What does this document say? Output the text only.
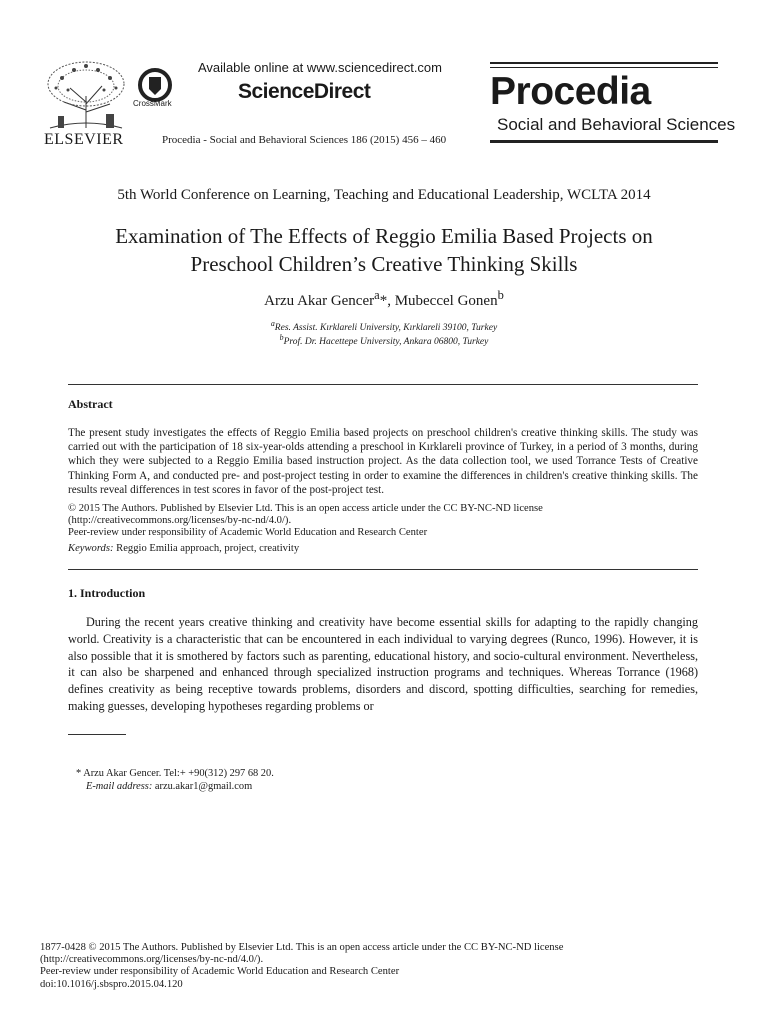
ELSEVIER
CrossMark
Available online at www.sciencedirect.com
ScienceDirect
Procedia - Social and Behavioral Sciences 186 (2015) 456 – 460
Procedia
Social and Behavioral Sciences
5th World Conference on Learning, Teaching and Educational Leadership, WCLTA 2014
Examination of The Effects of Reggio Emilia Based Projects on
Preschool Children’s Creative Thinking Skills
Arzu Akar Gencer$^a$*, Mubeccel Gonen$^b$
$^a$Res. Assist. Kırklareli University, Kırklareli 39100, Turkey
$^b$Prof. Dr. Hacettepe University, Ankara 06800, Turkey
Abstract
The present study investigates the effects of Reggio Emilia based projects on preschool children's creative thinking skills. The study was carried out with the participation of 18 six-year-olds attending a preschool in Kırklareli province of Turkey, in a period of 3 months, during which they were subjected to a Reggio Emilia based instruction project. As the data collection tool, we used Torrance Tests of Creative Thinking Form A, and conducted pre- and post-project testing in order to examine the differences in children's creative thinking skills. The results reveal differences in test scores in favor of the post-project test.
© 2015 The Authors. Published by Elsevier Ltd. This is an open access article under the CC BY-NC-ND license
(http://creativecommons.org/licenses/by-nc-nd/4.0/).
Peer-review under responsibility of Academic World Education and Research Center
Keywords: Reggio Emilia approach, project, creativity
1. Introduction
During the recent years creative thinking and creativity have become essential skills for adapting to the rapidly changing world. Creativity is a characteristic that can be encountered in each individual to varying degrees (Runco, 1996). However, it is also possible that it is smothered by factors such as parenting, educational history, and socio-cultural environment. Nevertheless, it can also be sharpened and enhanced through specialized instruction programs and techniques. Whereas Torrance (1968) defines creativity as being receptive towards problems, disorders and discord, spotting difficulties, searching for remedies, making guesses, developing hypotheses regarding problems or
* Arzu Akar Gencer. Tel:+ +90(312) 297 68 20.
E-mail address: arzu.akar1@gmail.com
1877-0428 © 2015 The Authors. Published by Elsevier Ltd. This is an open access article under the CC BY-NC-ND license
(http://creativecommons.org/licenses/by-nc-nd/4.0/).
Peer-review under responsibility of Academic World Education and Research Center
doi:10.1016/j.sbspro.2015.04.120
